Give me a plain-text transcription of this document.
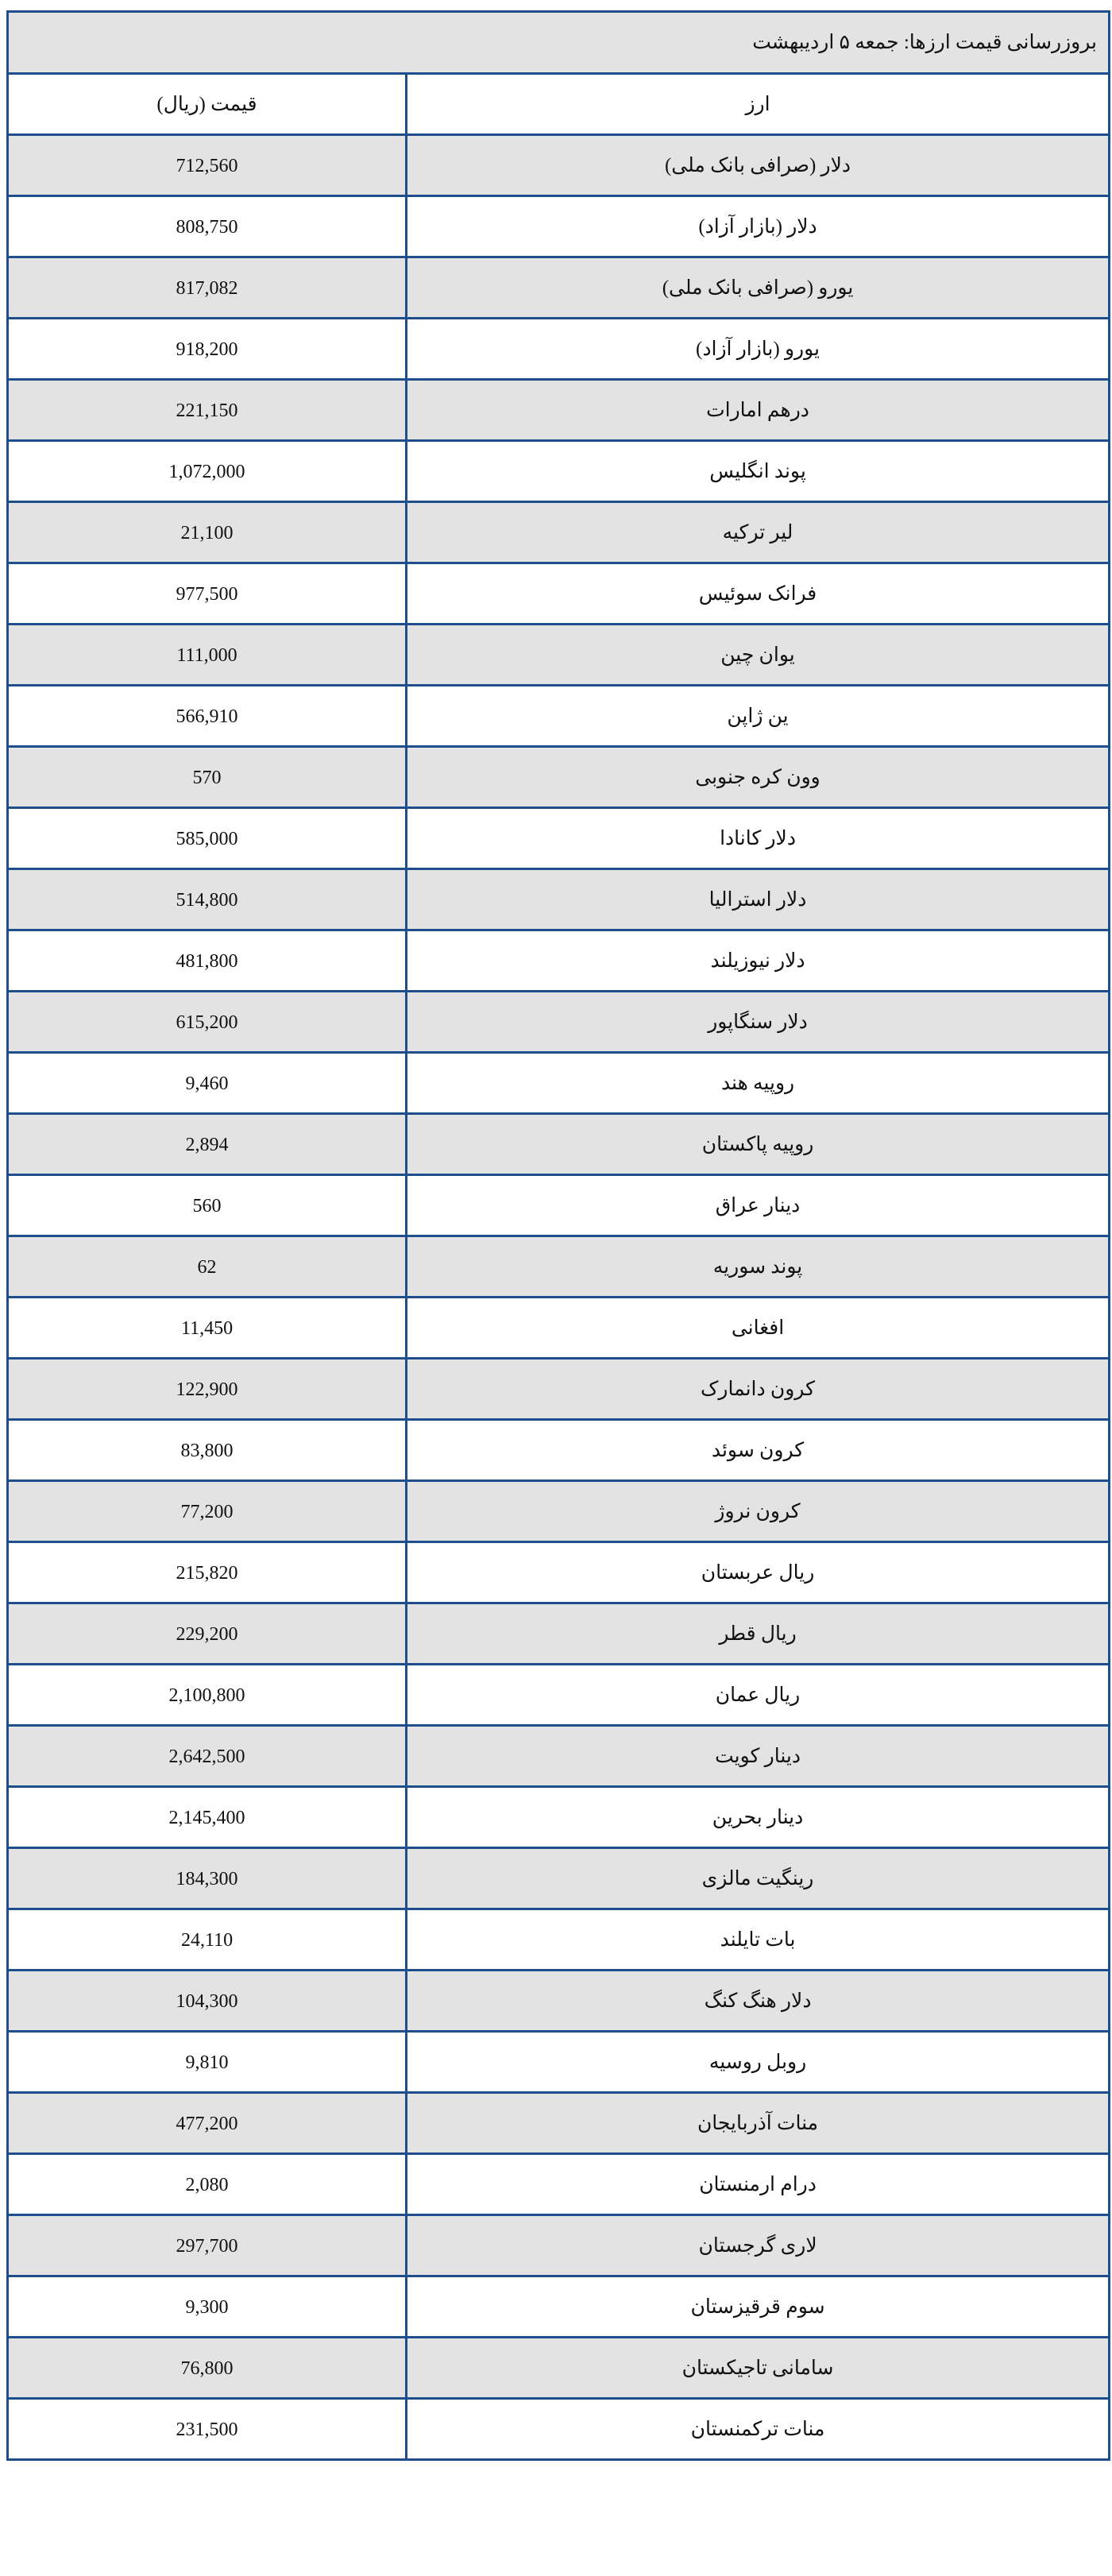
بروزرسانی قیمت ارزها: جمعه ۵ اردیبهشت	
ارز	قیمت (ریال)
دلار (صرافی بانک ملی)	712,560
دلار (بازار آزاد)	808,750
یورو (صرافی بانک ملی)	817,082
یورو (بازار آزاد)	918,200
درهم امارات	221,150
پوند انگلیس	1,072,000
لیر ترکیه	21,100
فرانک سوئیس	977,500
یوان چین	111,000
ین ژاپن	566,910
وون کره جنوبی	570
دلار کانادا	585,000
دلار استرالیا	514,800
دلار نیوزیلند	481,800
دلار سنگاپور	615,200
روپیه هند	9,460
روپیه پاکستان	2,894
دینار عراق	560
پوند سوریه	62
افغانی	11,450
کرون دانمارک	122,900
کرون سوئد	83,800
کرون نروژ	77,200
ریال عربستان	215,820
ریال قطر	229,200
ریال عمان	2,100,800
دینار کویت	2,642,500
دینار بحرین	2,145,400
رینگیت مالزی	184,300
بات تایلند	24,110
دلار هنگ کنگ	104,300
روبل روسیه	9,810
منات آذربایجان	477,200
درام ارمنستان	2,080
لاری گرجستان	297,700
سوم قرقیزستان	9,300
سامانی تاجیکستان	76,800
منات ترکمنستان	231,500
